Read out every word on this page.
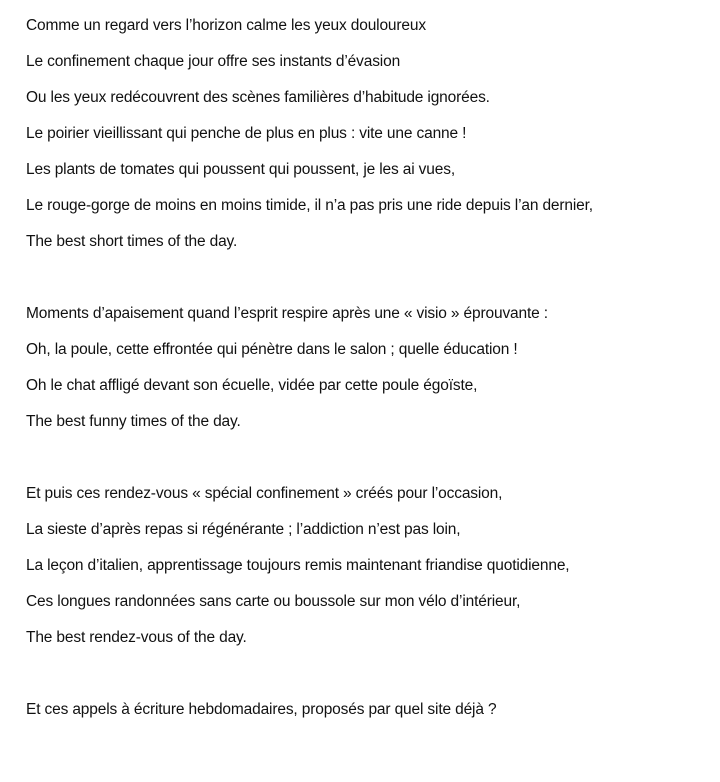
Comme un regard vers l’horizon calme les yeux douloureux
Le confinement chaque jour offre ses instants d’évasion
Ou les yeux redécouvrent des scènes familières d’habitude ignorées.
Le poirier vieillissant qui penche de plus en plus : vite une canne !
Les plants de tomates qui poussent qui poussent, je les ai vues,
Le rouge-gorge de moins en moins timide, il n’a pas pris une ride depuis l’an dernier,
The best short times of the day.
Moments d’apaisement quand l’esprit respire après une « visio » éprouvante :
Oh, la poule, cette effrontée qui pénètre dans le salon ; quelle éducation !
Oh le chat affligé devant son écuelle, vidée par cette poule égoïste,
The best funny times of the day.
Et puis ces rendez-vous « spécial confinement » créés pour l’occasion,
La sieste d’après repas si régénérante ; l’addiction n’est pas loin,
La leçon d’italien, apprentissage toujours remis maintenant friandise quotidienne,
Ces longues randonnées sans carte ou boussole sur mon vélo d’intérieur,
The best rendez-vous of the day.
Et ces appels à écriture hebdomadaires, proposés par quel site déjà ?
